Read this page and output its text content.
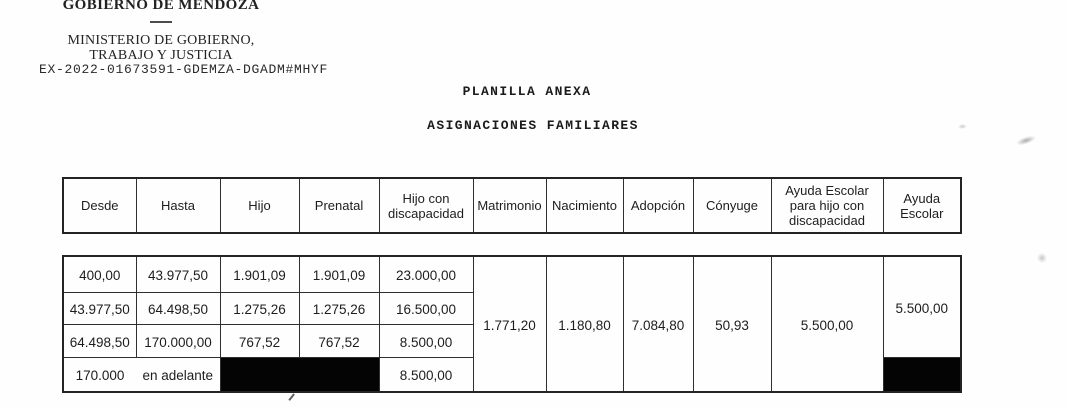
GOBIERNO DE MENDOZA
MINISTERIO DE GOBIERNO,
TRABAJO Y JUSTICIA
EX-2022-01673591-GDEMZA-DGADM#MHYF
PLANILLA ANEXA
ASIGNACIONES FAMILIARES
Desde	Hasta	Hijo	Prenatal	Hijo con discapacidad	Matrimonio	Nacimiento	Adopción	Cónyuge	Ayuda Escolar para hijo con discapacidad	Ayuda Escolar
400,00	43.977,50	1.901,09	1.901,09	23.000,00	1.771,20	1.180,80	7.084,80	50,93	5.500,00	5.500,00
43.977,50	64.498,50	1.275,26	1.275,26	16.500,00						
64.498,50	170.000,00	767,52	767,52	8.500,00						
170.000	en adelante			8.500,00						
